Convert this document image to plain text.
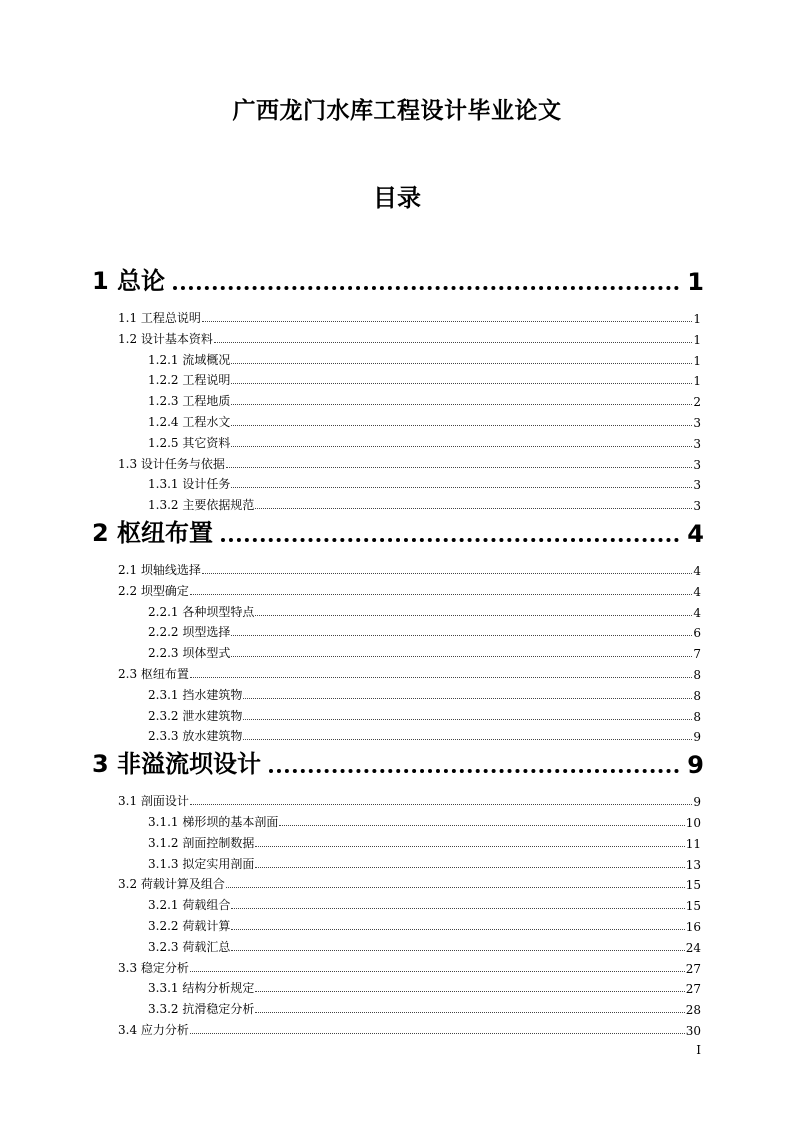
广西龙门水库工程设计毕业论文
目录
1 总论	1
1.1 工程总说明	1
1.2 设计基本资料	1
1.2.1 流域概况	1
1.2.2 工程说明	1
1.2.3 工程地质	2
1.2.4 工程水文	3
1.2.5 其它资料	3
1.3 设计任务与依据	3
1.3.1 设计任务	3
1.3.2 主要依据规范	3
2 枢纽布置	4
2.1 坝轴线选择	4
2.2 坝型确定	4
2.2.1 各种坝型特点	4
2.2.2 坝型选择	6
2.2.3 坝体型式	7
2.3 枢纽布置	8
2.3.1 挡水建筑物	8
2.3.2 泄水建筑物	8
2.3.3 放水建筑物	9
3 非溢流坝设计	9
3.1 剖面设计	9
3.1.1 梯形坝的基本剖面	10
3.1.2 剖面控制数据	11
3.1.3 拟定实用剖面	13
3.2 荷载计算及组合	15
3.2.1 荷载组合	15
3.2.2 荷载计算	16
3.2.3 荷载汇总	24
3.3 稳定分析	27
3.3.1 结构分析规定	27
3.3.2 抗滑稳定分析	28
3.4 应力分析	30
I
